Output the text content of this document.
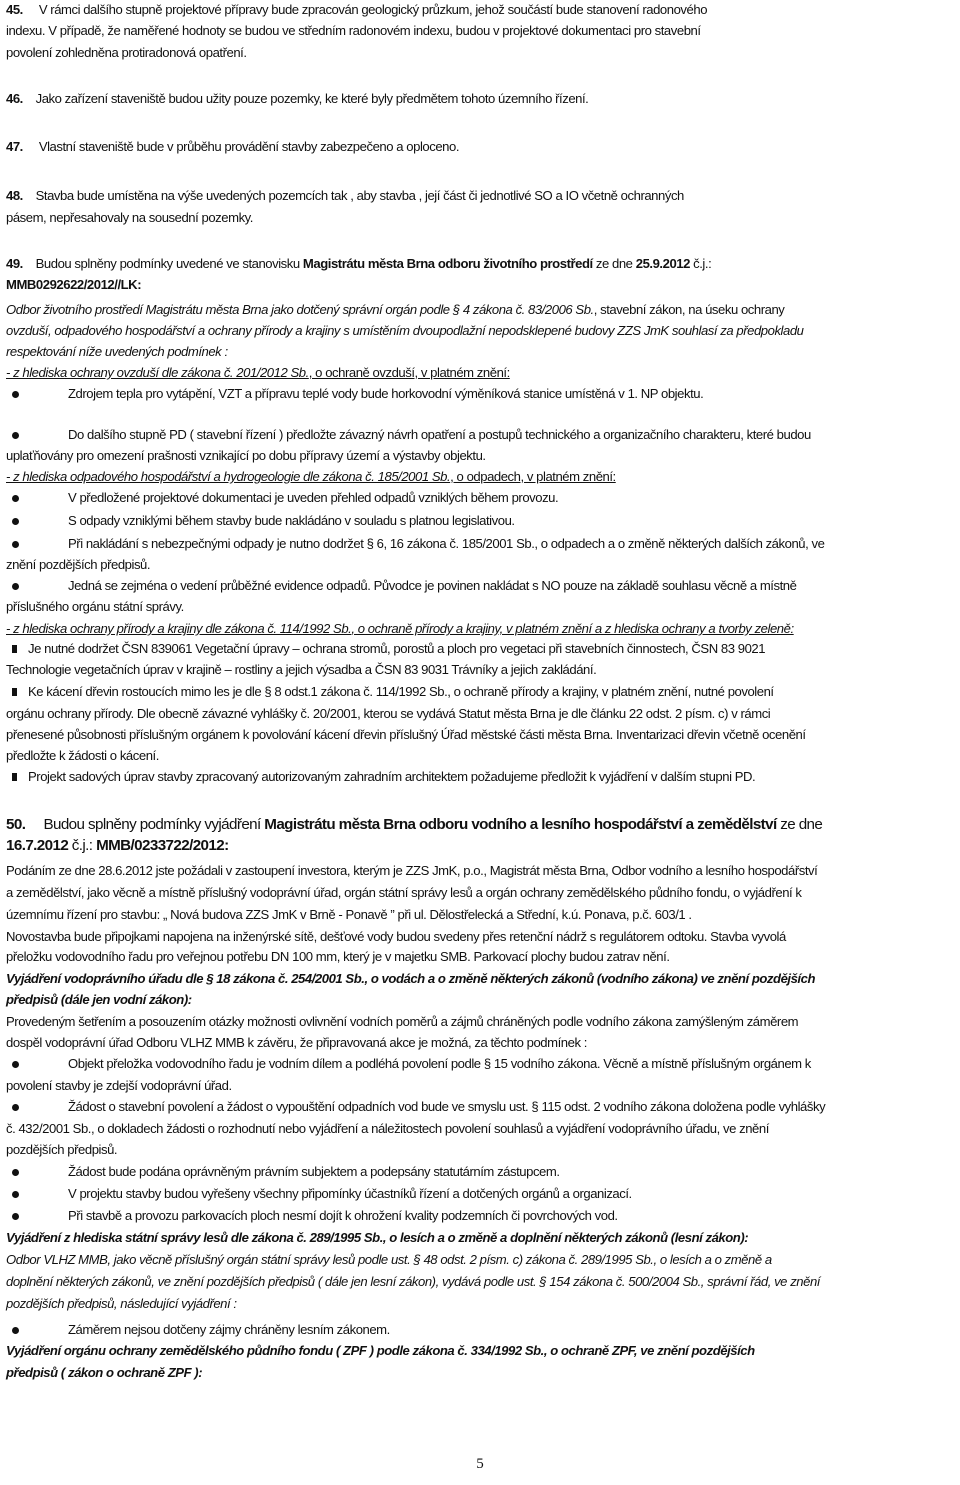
45. V rámci dalšího stupně projektové přípravy bude zpracován geologický průzkum, jehož součástí bude stanovení radonového
indexu. V případě, že naměřené hodnoty se budou ve středním radonovém indexu, budou v projektové dokumentaci pro stavební
povolení zohledněna protiradonová opatření.
46. Jako zařízení staveniště budou užity pouze pozemky, ke které byly předmětem tohoto územního řízení.
47. Vlastní staveniště bude v průběhu provádění stavby zabezpečeno a oploceno.
48. Stavba bude umístěna na výše uvedených pozemcích tak , aby stavba , její část či jednotlivé SO a IO včetně ochranných
pásem, nepřesahovaly na sousední pozemky.
49. Budou splněny podmínky uvedené ve stanovisku Magistrátu města Brna odboru životního prostředí ze dne 25.9.2012 č.j.:
MMB0292622/2012//LK:
Odbor životního prostředí Magistrátu města Brna jako dotčený správní orgán podle § 4 zákona č. 83/2006 Sb., stavební zákon, na úseku ochrany
ovzduší, odpadového hospodářství a ochrany přírody a krajiny s umístěním dvoupodlažní nepodsklepené budovy ZZS JmK souhlasí za předpokladu
respektování níže uvedených podmínek :
- z hlediska ochrany ovzduší dle zákona č. 201/2012 Sb., o ochraně ovzduší, v platném znění:
Zdrojem tepla pro vytápění, VZT a přípravu teplé vody bude horkovodní výměníková stanice umístěná v 1. NP objektu.
Do dalšího stupně PD ( stavební řízení ) předložte závazný návrh opatření a postupů technického a organizačního charakteru, které budou
uplaťňovány pro omezení prašnosti vznikající po dobu přípravy území a výstavby objektu.
- z hlediska odpadového hospodářství a hydrogeologie dle zákona č. 185/2001 Sb., o odpadech, v platném znění:
V předložené projektové dokumentaci je uveden přehled odpadů vzniklých během provozu.
S odpady vzniklými během stavby bude nakládáno v souladu s platnou legislativou.
Při nakládání s nebezpečnými odpady je nutno dodržet § 6, 16 zákona č. 185/2001 Sb., o odpadech a o změně některých dalších zákonů, ve
znění pozdějších předpisů.
Jedná se zejména o vedení průběžné evidence odpadů. Původce je povinen nakládat s NO pouze na základě souhlasu věcně a místně
příslušného orgánu státní správy.
- z hlediska ochrany přírody a krajiny dle zákona č. 114/1992 Sb., o ochraně přírody a krajiny, v platném znění a z hlediska ochrany a tvorby zeleně:
Je nutné dodržet ČSN 839061 Vegetační úpravy – ochrana stromů, porostů a ploch pro vegetaci při stavebních činnostech, ČSN 83 9021
Technologie vegetačních úprav v krajině – rostliny a jejich výsadba a ČSN 83 9031 Trávníky a jejich zakládání.
Ke kácení dřevin rostoucích mimo les je dle § 8 odst.1 zákona č. 114/1992 Sb., o ochraně přírody a krajiny, v platném znění, nutné povolení
orgánu ochrany přírody. Dle obecně závazné vyhlášky č. 20/2001, kterou se vydává Statut města Brna je dle článku 22 odst. 2 písm. c) v rámci
přenesené působnosti příslušným orgánem k povolování kácení dřevin příslušný Úřad městské části města Brna. Inventarizaci dřevin včetně ocenění
předložte k žádosti o kácení.
Projekt sadových úprav stavby zpracovaný autorizovaným zahradním architektem požadujeme předložit k vyjádření v dalším stupni PD.
50. Budou splněny podmínky vyjádření Magistrátu města Brna odboru vodního a lesního hospodářství a zemědělství ze dne
16.7.2012 č.j.: MMB/0233722/2012:
Podáním ze dne 28.6.2012 jste požádali v zastoupení investora, kterým je ZZS JmK, p.o., Magistrát města Brna, Odbor vodního a lesního hospodářství
a zemědělství, jako věcně a místně příslušný vodoprávní úřad, orgán státní správy lesů a orgán ochrany zemědělského půdního fondu, o vyjádření k
územnímu řízení pro stavbu: „ Nová budova ZZS JmK v Brně - Ponavě ” při ul. Dělostřelecká a Střední, k.ú. Ponava, p.č. 603/1 .
Novostavba bude připojkami napojena na inženýrské sítě, dešťové vody budou svedeny přes retenční nádrž s regulátorem odtoku. Stavba vyvolá
přeložku vodovodního řadu pro veřejnou potřebu DN 100 mm, který je v majetku SMB. Parkovací plochy budou zatrav nění.
Vyjádření vodoprávního úřadu dle § 18 zákona č. 254/2001 Sb., o vodách a o změně některých zákonů (vodního zákona) ve znění pozdějších
předpisů (dále jen vodní zákon):
Provedeným šetřením a posouzením otázky možnosti ovlivnění vodních poměrů a zájmů chráněných podle vodního zákona zamýšleným záměrem
dospěl vodoprávní úřad Odboru VLHZ MMB k závěru, že připravovaná akce je možná, za těchto podmínek :
Objekt přeložka vodovodního řadu je vodním dílem a podléhá povolení podle § 15 vodního zákona. Věcně a místně příslušným orgánem k
povolení stavby je zdejší vodoprávní úřad.
Žádost o stavební povolení a žádost o vypouštění odpadních vod bude ve smyslu ust. § 115 odst. 2 vodního zákona doložena podle vyhlášky
č. 432/2001 Sb., o dokladech žádosti o rozhodnutí nebo vyjádření a náležitostech povolení souhlasů a vyjádření vodoprávního úřadu, ve znění
pozdějších předpisů.
Žádost bude podána oprávněným právním subjektem a podepsány statutárním zástupcem.
V projektu stavby budou vyřešeny všechny připomínky účastníků řízení a dotčených orgánů a organizací.
Při stavbě a provozu parkovacích ploch nesmí dojít k ohrožení kvality podzemních či povrchových vod.
Vyjádření z hlediska státní správy lesů dle zákona č. 289/1995 Sb., o lesích a o změně a doplnění některých zákonů (lesní zákon):
Odbor VLHZ MMB, jako věcně příslušný orgán státní správy lesů podle ust. § 48 odst. 2 písm. c) zákona č. 289/1995 Sb., o lesích a o změně a
doplnění některých zákonů, ve znění pozdějších předpisů ( dále jen lesní zákon), vydává podle ust. § 154 zákona č. 500/2004 Sb., správní řád, ve znění
pozdějších předpisů, následující vyjádření :
Záměrem nejsou dotčeny zájmy chráněny lesním zákonem.
Vyjádření orgánu ochrany zemědělského půdního fondu ( ZPF ) podle zákona č. 334/1992 Sb., o ochraně ZPF, ve znění pozdějších
předpisů ( zákon o ochraně ZPF ):
5
